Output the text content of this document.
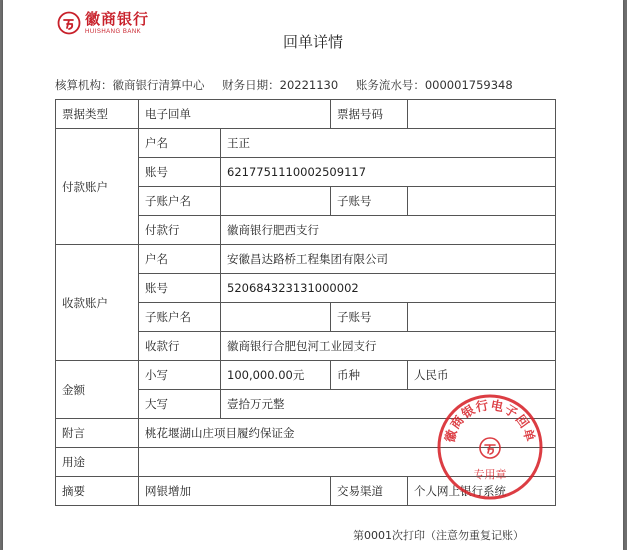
徽商银行
HUISHANG BANK
回单详情
核算机构：徽商银行清算中心 财务日期：20221130 账务流水号：000001759348
票据类型	电子回单		票据号码	
付款账户	户名	王正		
	账号	6217751110002509117		
	子账户名		子账号	
	付款行	徽商银行肥西支行		
收款账户	户名	安徽昌达路桥工程集团有限公司		
	账号	520684323131000002		
	子账户名		子账号	
	收款行	徽商银行合肥包河工业园支行		
金额	小写	100,000.00元	币种	人民币
	大写	壹拾万元整		
附言	桃花堰湖山庄项目履约保证金			
用途				
摘要	网银增加		交易渠道	个人网上银行系统
徽商银行电子回单
专用章
第0001次打印（注意勿重复记账）
